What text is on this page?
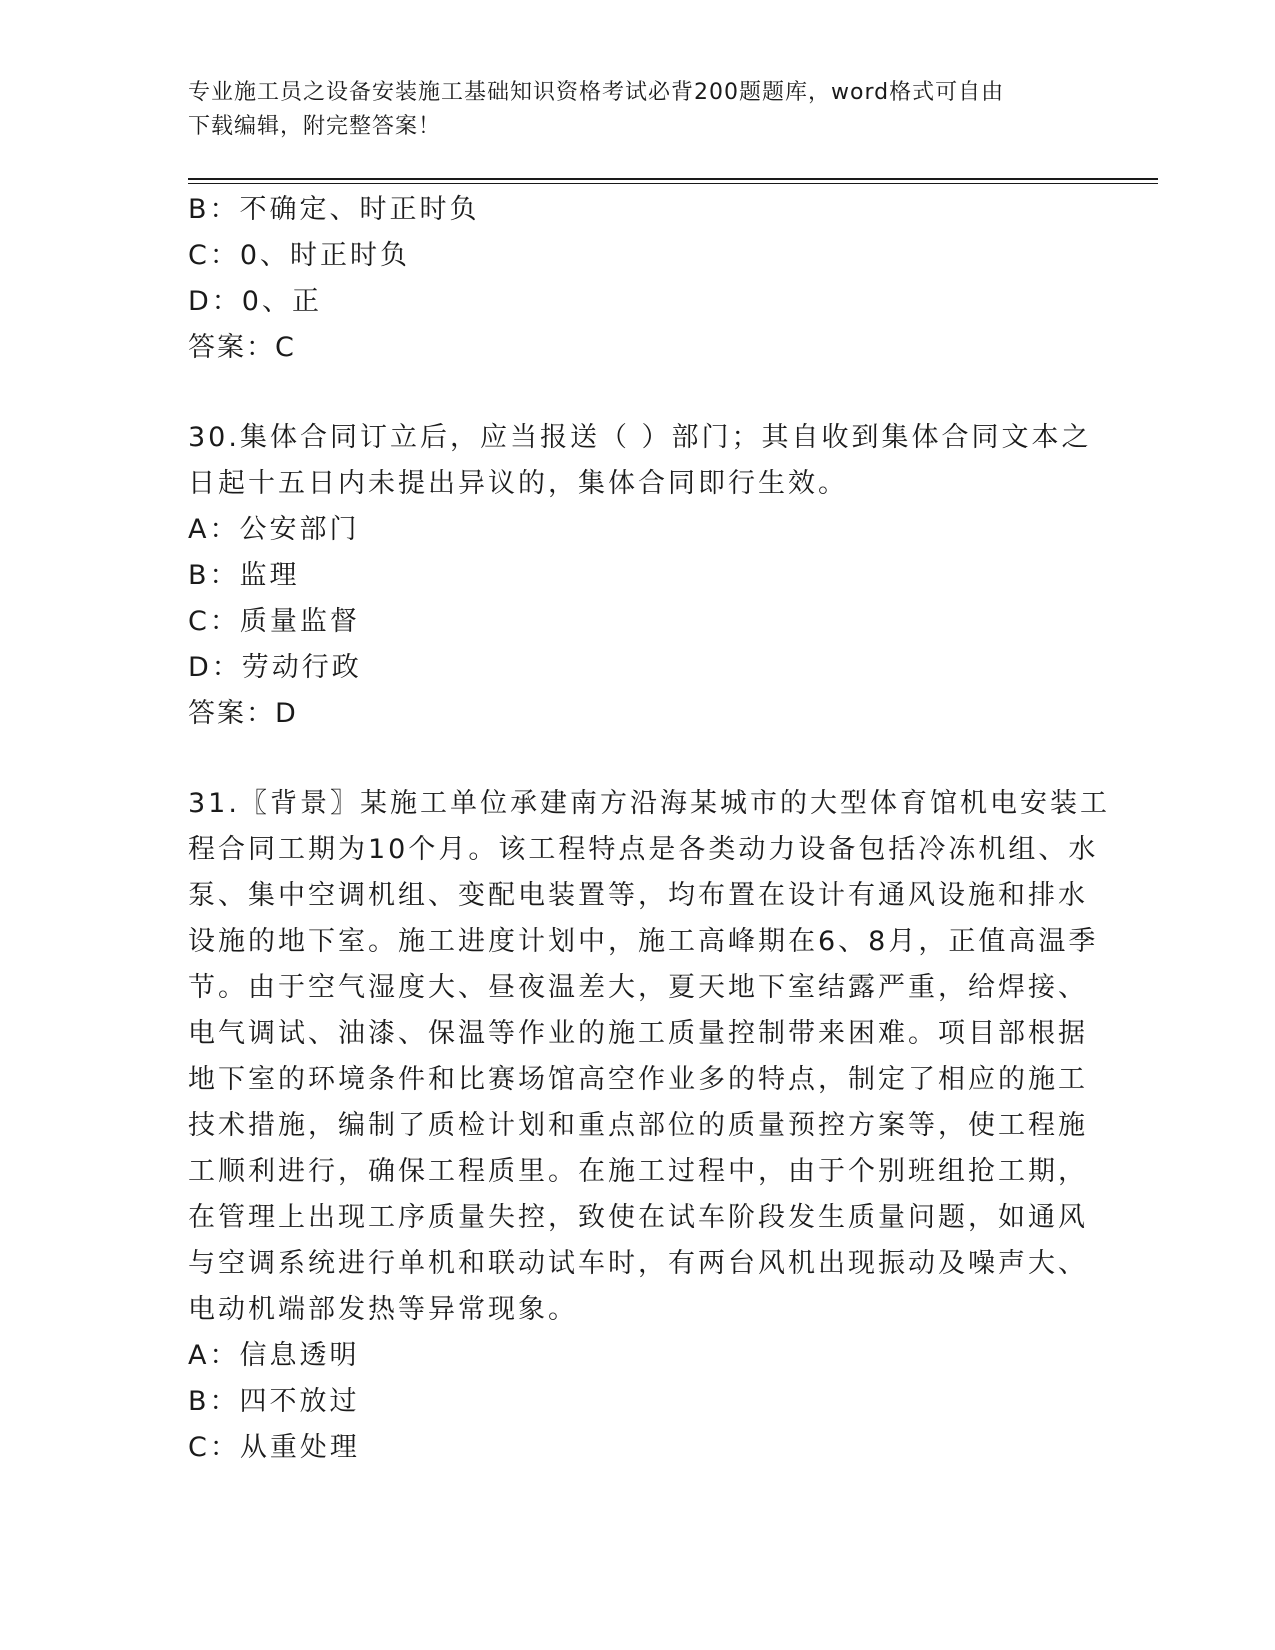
专业施工员之设备安装施工基础知识资格考试必背200题题库，word格式可自由
下载编辑，附完整答案！
B：不确定、时正时负
C：0、时正时负
D：0、正
答案：C
30.集体合同订立后，应当报送（ ）部门；其自收到集体合同文本之
日起十五日内未提出异议的，集体合同即行生效。
A：公安部门
B：监理
C：质量监督
D：劳动行政
答案：D
31.〖背景〗某施工单位承建南方沿海某城市的大型体育馆机电安装工
程合同工期为10个月。该工程特点是各类动力设备包括冷冻机组、水
泵、集中空调机组、变配电装置等，均布置在设计有通风设施和排水
设施的地下室。施工进度计划中，施工高峰期在6、8月，正值高温季
节。由于空气湿度大、昼夜温差大，夏天地下室结露严重，给焊接、
电气调试、油漆、保温等作业的施工质量控制带来困难。项目部根据
地下室的环境条件和比赛场馆高空作业多的特点，制定了相应的施工
技术措施，编制了质检计划和重点部位的质量预控方案等，使工程施
工顺利进行，确保工程质里。在施工过程中，由于个别班组抢工期，
在管理上出现工序质量失控，致使在试车阶段发生质量问题，如通风
与空调系统进行单机和联动试车时，有两台风机出现振动及噪声大、
电动机端部发热等异常现象。
A：信息透明
B：四不放过
C：从重处理
